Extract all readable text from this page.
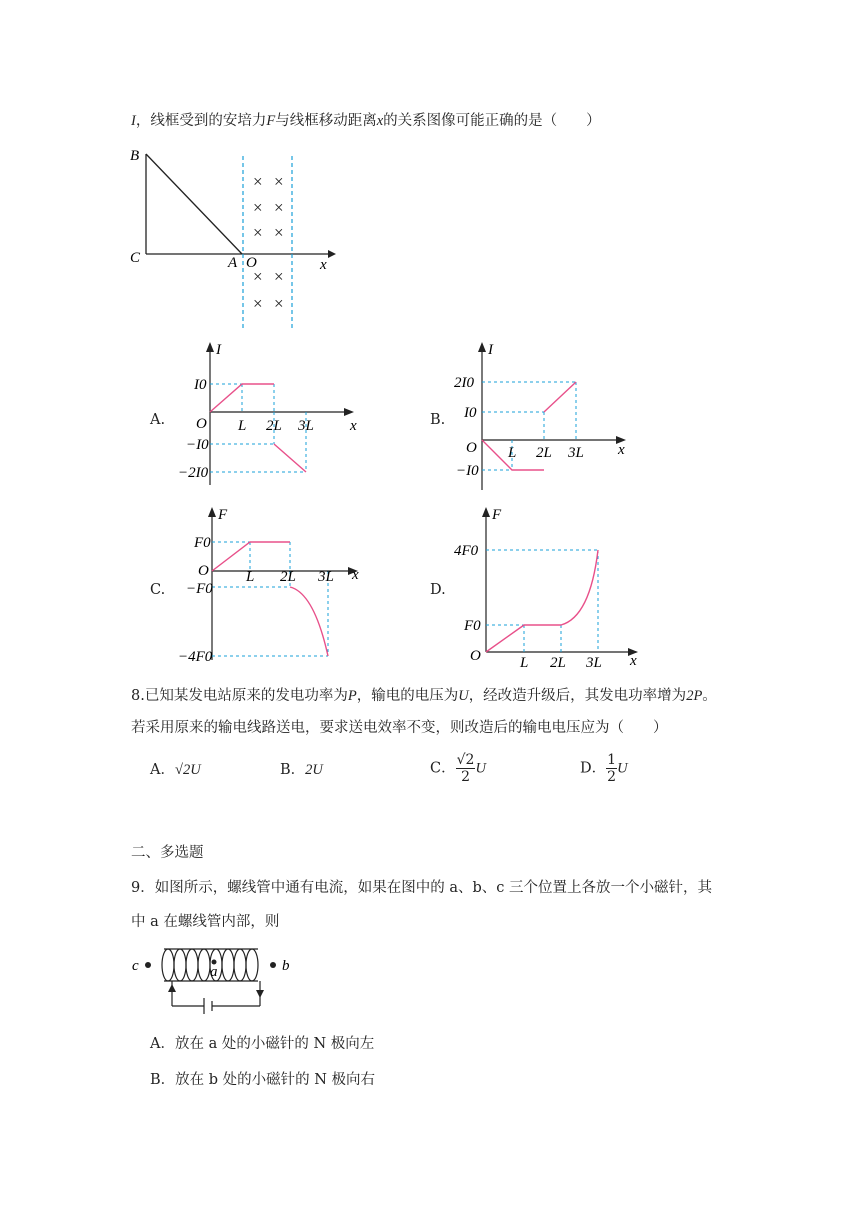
I，线框受到的安培力F与线框移动距离x的关系图像可能正确的是（　　）
B
C	A O	x
× ×
× ×
× ×
× ×
× ×
A.
I
x
O L 2L 3L
I0
−I0
−2I0
B.
I
x
O L 2L 3L
2I0
I0
−I0
C.
F
x
O L 2L 3L
F0
−F0
−4F0
D.
F
x
O	L 2L 3L
4F0
F0
8.已知某发电站原来的发电功率为P，输电的电压为U，经改造升级后，其发电功率增为2P。
若采用原来的输电线路送电，要求送电效率不变，则改造后的输电电压应为（　　）
A．√2U	B．2U	C． $\frac{√2}{2}$ U	D． $\frac{1}{2}$ U
二、多选题
9．如图所示，螺线管中通有电流，如果在图中的 a、b、c 三个位置上各放一个小磁针，其
中 a 在螺线管内部，则
c	b
a
A．放在 a 处的小磁针的 N 极向左
B．放在 b 处的小磁针的 N 极向右
